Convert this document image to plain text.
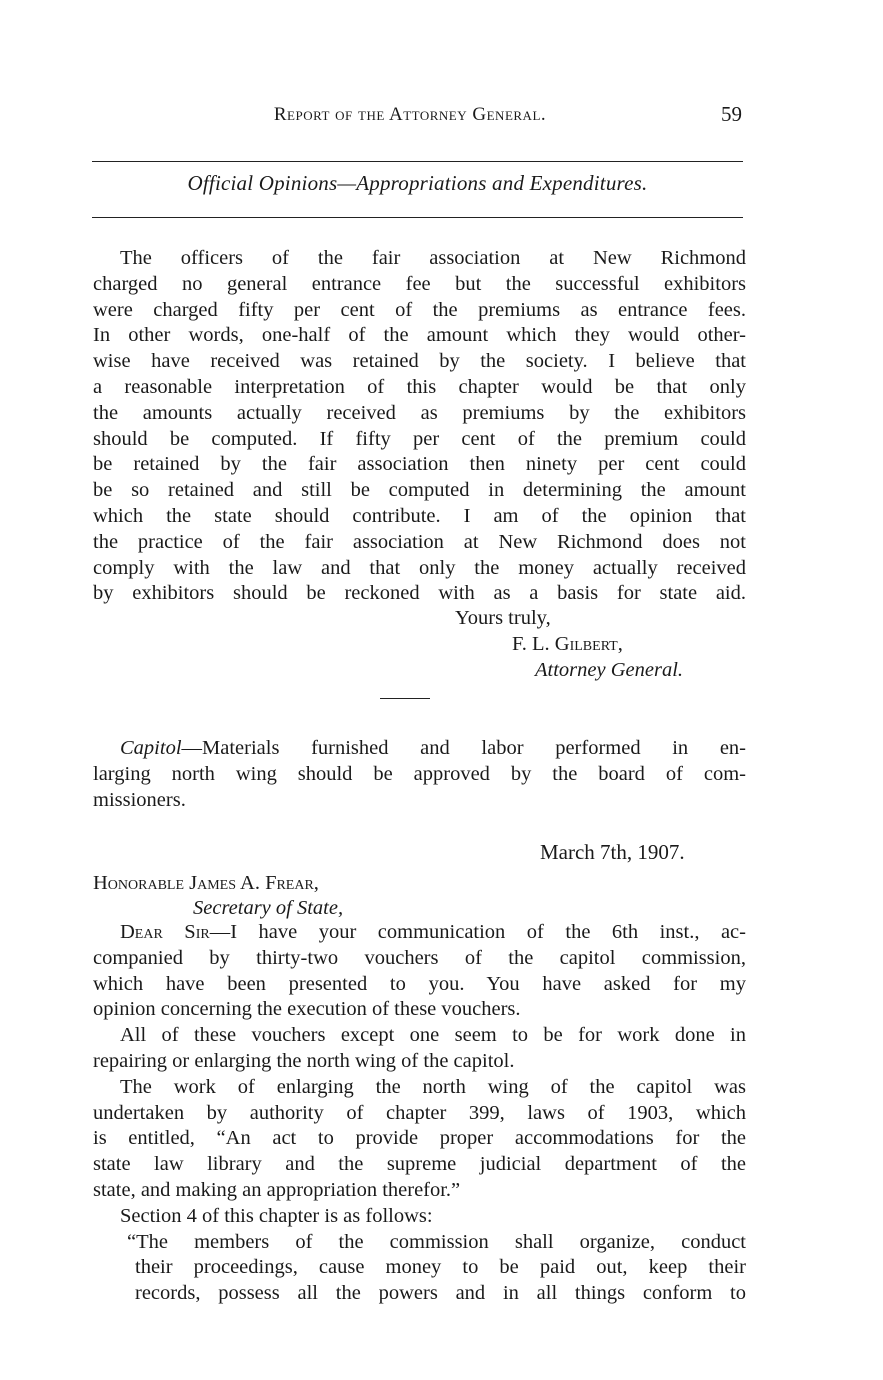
Report of the Attorney General.	59
Official Opinions—Appropriations and Expenditures.
The officers of the fair association at New Richmond
charged no general entrance fee but the successful exhibitors
were charged fifty per cent of the premiums as entrance fees.
In other words, one-half of the amount which they would other-
wise have received was retained by the society. I believe that
a reasonable interpretation of this chapter would be that only
the amounts actually received as premiums by the exhibitors
should be computed. If fifty per cent of the premium could
be retained by the fair association then ninety per cent could
be so retained and still be computed in determining the amount
which the state should contribute. I am of the opinion that
the practice of the fair association at New Richmond does not
comply with the law and that only the money actually received
by exhibitors should be reckoned with as a basis for state aid.
Yours truly,
F. L. Gilbert,
Attorney General.
Capitol—Materials furnished and labor performed in en-
larging north wing should be approved by the board of com-
missioners.
March 7th, 1907.
Honorable James A. Frear,
Secretary of State,
Dear Sir—I have your communication of the 6th inst., ac-
companied by thirty-two vouchers of the capitol commission,
which have been presented to you. You have asked for my
opinion concerning the execution of these vouchers.
All of these vouchers except one seem to be for work done in
repairing or enlarging the north wing of the capitol.
The work of enlarging the north wing of the capitol was
undertaken by authority of chapter 399, laws of 1903, which
is entitled, “An act to provide proper accommodations for the
state law library and the supreme judicial department of the
state, and making an appropriation therefor.”
Section 4 of this chapter is as follows:
“The members of the commission shall organize, conduct
their proceedings, cause money to be paid out, keep their
records, possess all the powers and in all things conform to
